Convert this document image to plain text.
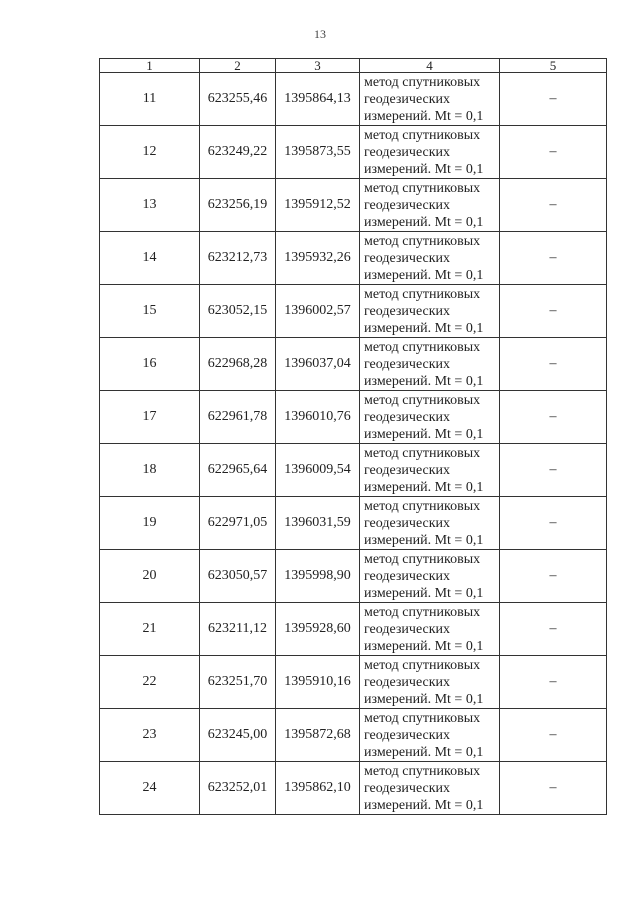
13
1	2	3	4	5
11	623255,46	1395864,13	метод спутниковых
геодезических
измерений. Mt = 0,1	–
12	623249,22	1395873,55	метод спутниковых
геодезических
измерений. Mt = 0,1	–
13	623256,19	1395912,52	метод спутниковых
геодезических
измерений. Mt = 0,1	–
14	623212,73	1395932,26	метод спутниковых
геодезических
измерений. Mt = 0,1	–
15	623052,15	1396002,57	метод спутниковых
геодезических
измерений. Mt = 0,1	–
16	622968,28	1396037,04	метод спутниковых
геодезических
измерений. Mt = 0,1	–
17	622961,78	1396010,76	метод спутниковых
геодезических
измерений. Mt = 0,1	–
18	622965,64	1396009,54	метод спутниковых
геодезических
измерений. Mt = 0,1	–
19	622971,05	1396031,59	метод спутниковых
геодезических
измерений. Mt = 0,1	–
20	623050,57	1395998,90	метод спутниковых
геодезических
измерений. Mt = 0,1	–
21	623211,12	1395928,60	метод спутниковых
геодезических
измерений. Mt = 0,1	–
22	623251,70	1395910,16	метод спутниковых
геодезических
измерений. Mt = 0,1	–
23	623245,00	1395872,68	метод спутниковых
геодезических
измерений. Mt = 0,1	–
24	623252,01	1395862,10	метод спутниковых
геодезических
измерений. Mt = 0,1	–
